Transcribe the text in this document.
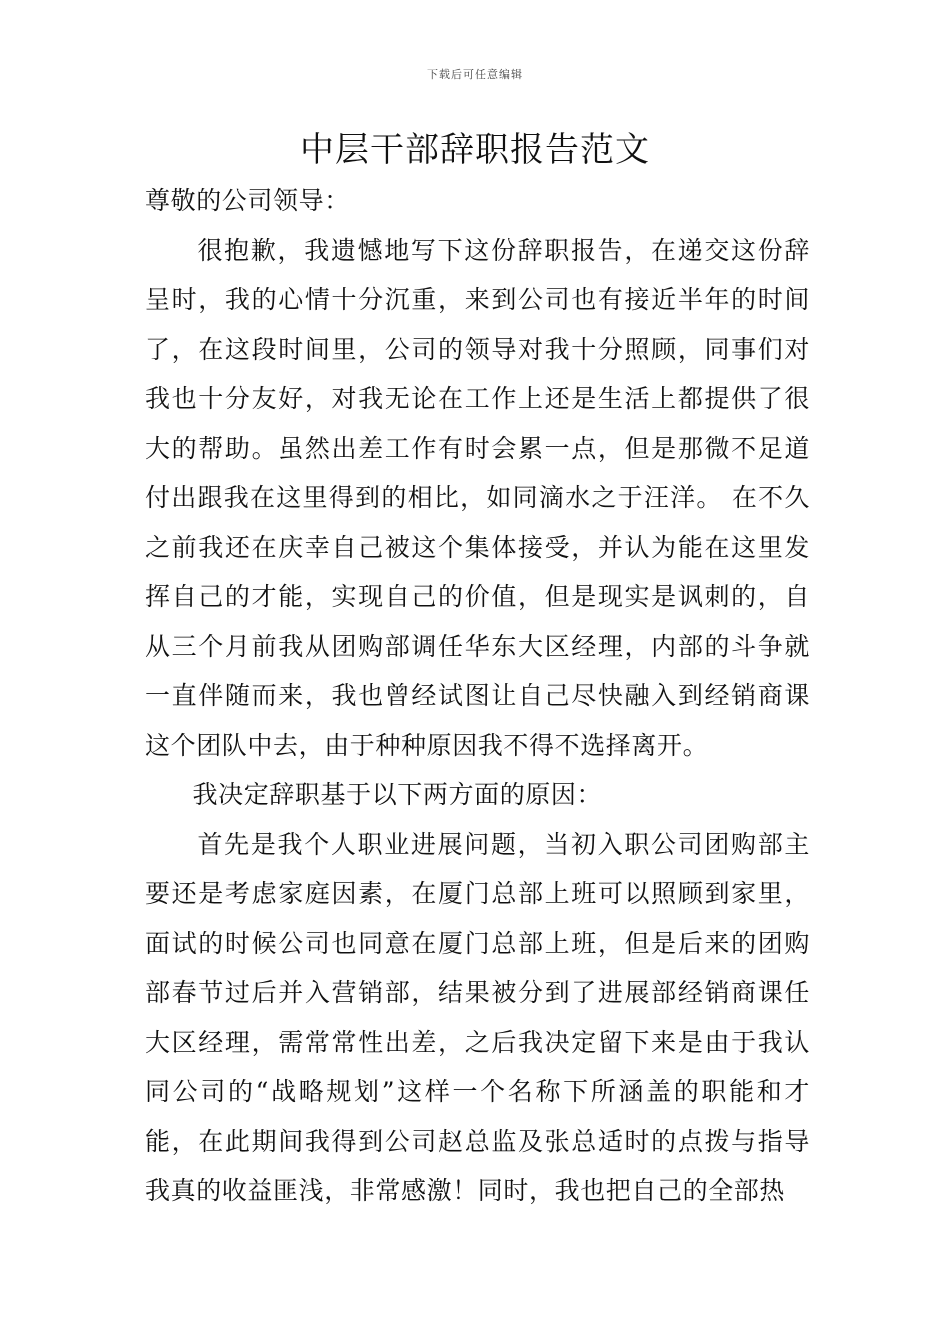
下载后可任意编辑
中层干部辞职报告范文

尊敬的公司领导：

很抱歉，我遗憾地写下这份辞职报告，在递交这份辞呈时，我的心情十分沉重，来到公司也有接近半年的时间了，在这段时间里，公司的领导对我十分照顾，同事们对我也十分友好，对我无论在工作上还是生活上都提供了很大的帮助。虽然出差工作有时会累一点，但是那微不足道付出跟我在这里得到的相比，如同滴水之于汪洋。 在不久之前我还在庆幸自己被这个集体接受，并认为能在这里发挥自己的才能，实现自己的价值，但是现实是讽刺的，自从三个月前我从团购部调任华东大区经理，内部的斗争就一直伴随而来，我也曾经试图让自己尽快融入到经销商课这个团队中去，由于种种原因我不得不选择离开。

我决定辞职基于以下两方面的原因：

首先是我个人职业进展问题，当初入职公司团购部主要还是考虑家庭因素，在厦门总部上班可以照顾到家里，面试的时候公司也同意在厦门总部上班，但是后来的团购部春节过后并入营销部，结果被分到了进展部经销商课任大区经理，需常常性出差，之后我决定留下来是由于我认同公司的“战略规划”这样一个名称下所涵盖的职能和才能，在此期间我得到公司赵总监及张总适时的点拨与指导我真的收益匪浅，非常感激！同时，我也把自己的全部热
